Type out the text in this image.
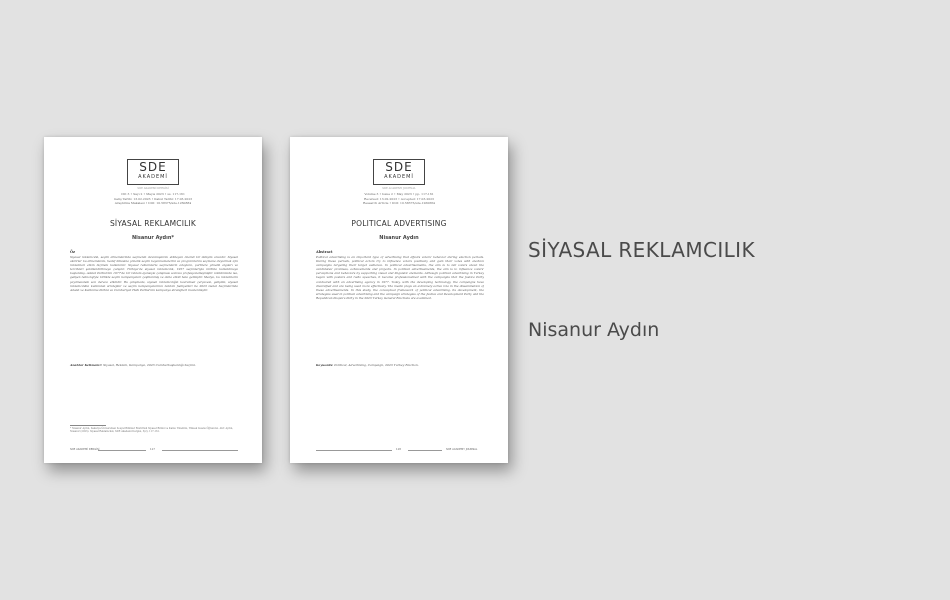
SDE
AKADEMİ
SDE AKADEMİ DERGİSİ
Cilt 3 • Sayı 2 • Mayıs 2023 • ss. 117-161
Geliş Tarihi: 13.02.2023 • Kabul Tarihi: 17.03.2023
Araştırma Makalesi • DOI: 10.58375/sde.1260884
SİYASAL REKLAMCILIK
Nisanur Aydın*
Öz
Siyasal reklamcılık, seçim dönemlerinde seçmenin davranışlarını etkileyen önemli bir iletişim aracıdır. Siyasal aktörler bu dönemlerde, hedef kitlesine yönelik seçim beyannamelerini ve programlarını seçmene duyurmak için reklamları etkin biçimde kullanırlar. Siyasal reklamlarla seçmenlerin adaylara, partilere yönelik algıları ve tercihleri şekillendirilmeye çalışılır. Türkiye'de siyasal reklamcılık, 1957 seçimleriyle birlikte kullanılmaya başlanmış, Adalet Partisi'nin 1977'de bir reklam ajansıyla çalışması sonrası profesyonelleşmiştir. Günümüzde ise, gelişen teknolojiyle birlikte seçim kampanyaları çeşitlenmiş ve daha etkili hale gelmiştir. Medya, bu reklamların yayılmasında son derece etkindir. Bu çalışmada, siyasal reklamcılığın kavramsal çerçevesi, gelişimi, siyasal reklamcılıkta kullanılan stratejiler ve seçim kampanyalarının tanıtım faaliyetleri ile 2023 Genel Seçimlerinde Adalet ve Kalkınma Partisi ve Cumhuriyet Halk Partisi'nin kampanya stratejileri incelenmiştir.
Anahtar Kelimeler: Siyasal, Reklam, Kampanya, 2023 Cumhurbaşkanlığı Seçimi.
* Nisanur Aydın, Sakarya Üniversitesi Sosyal Bilimler Enstitüsü Siyaset Bilimi ve Kamu Yönetimi, Yüksek Lisans Öğrencisi. Atıf: Aydın, Nisanur (2023). Siyasal Reklamcılık, SDE Akademi Dergisi, 3(2), 117-161.
SDE AKADEMİ DERGİSİ	117
SDE
AKADEMİ
SDE ACADEMY JOURNAL
Volume 3 • Issue 2 • May 2023 • pp. 117-161
Received: 13.02.2023 • Accepted: 17.03.2023
Research Article • DOI: 10.58375/sde.1260884
POLITICAL ADVERTISING
Nisanur Aydın
Abstract
Political advertising is an important type of advertising that affects voters' behavior during election periods. During these periods, political actors try to influence voters positively and gain their votes with election campaigns targeting their target audience. In political advertisements, the aim is to tell voters about the candidates' promises, achievements and projects. In political advertisements, the aim is to influence voters' perceptions and behaviors by supporting visual and linguistic elements. Although political advertising in Turkey began with posters and radio speeches, it became professionalized with the campaigns that the Justice Party conducted with an advertising agency in 1977. Today, with the developing technology, the campaigns have diversified and are being used more effectively. The media plays an extremely active role in the dissemination of these advertisements. In this study, the conceptual framework of political advertising, its development, the strategies used in political advertising and the campaign strategies of the Justice and Development Party and the Republican People's Party in the 2023 Turkey General Elections are examined.
Keywords: Political, Advertising, Campaign, 2023 Turkey Election.
118	SDE ACADEMY JOURNAL
SİYASAL REKLAMCILIK
Nisanur Aydın
